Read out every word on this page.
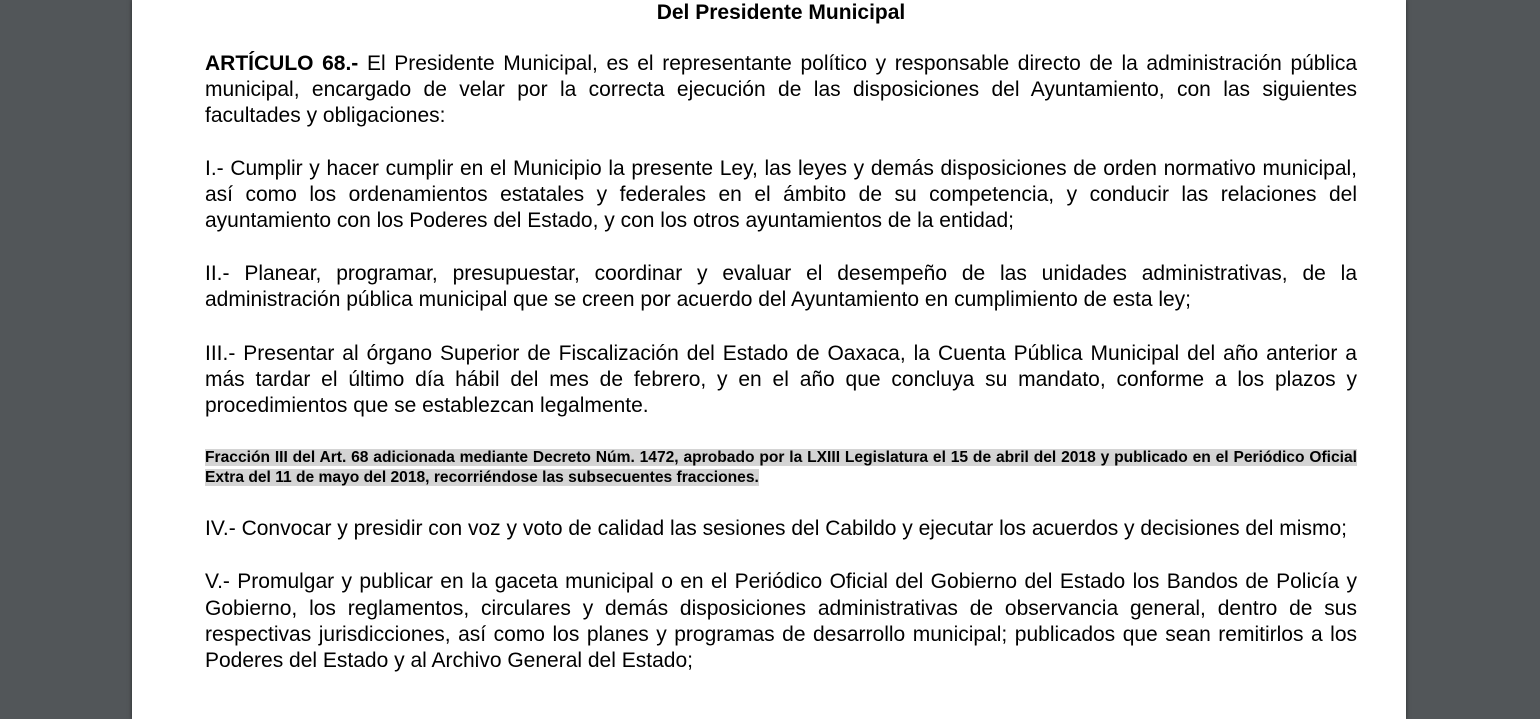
Del Presidente Municipal

ARTÍCULO 68.- El Presidente Municipal, es el representante político y responsable directo de la administración pública municipal, encargado de velar por la correcta ejecución de las disposiciones del Ayuntamiento, con las siguientes facultades y obligaciones:

I.- Cumplir y hacer cumplir en el Municipio la presente Ley, las leyes y demás disposiciones de orden normativo municipal, así como los ordenamientos estatales y federales en el ámbito de su competencia, y conducir las relaciones del ayuntamiento con los Poderes del Estado, y con los otros ayuntamientos de la entidad;

II.- Planear, programar, presupuestar, coordinar y evaluar el desempeño de las unidades administrativas, de la administración pública municipal que se creen por acuerdo del Ayuntamiento en cumplimiento de esta ley;

III.- Presentar al órgano Superior de Fiscalización del Estado de Oaxaca, la Cuenta Pública Municipal del año anterior a más tardar el último día hábil del mes de febrero, y en el año que concluya su mandato, conforme a los plazos y procedimientos que se establezcan legalmente.

Fracción III del Art. 68 adicionada mediante Decreto Núm. 1472, aprobado por la LXIII Legislatura el 15 de abril del 2018 y publicado en el Periódico Oficial Extra del 11 de mayo del 2018, recorriéndose las subsecuentes fracciones.

IV.- Convocar y presidir con voz y voto de calidad las sesiones del Cabildo y ejecutar los acuerdos y decisiones del mismo;

V.- Promulgar y publicar en la gaceta municipal o en el Periódico Oficial del Gobierno del Estado los Bandos de Policía y Gobierno, los reglamentos, circulares y demás disposiciones administrativas de observancia general, dentro de sus respectivas jurisdicciones, así como los planes y programas de desarrollo municipal; publicados que sean remitirlos a los Poderes del Estado y al Archivo General del Estado;
